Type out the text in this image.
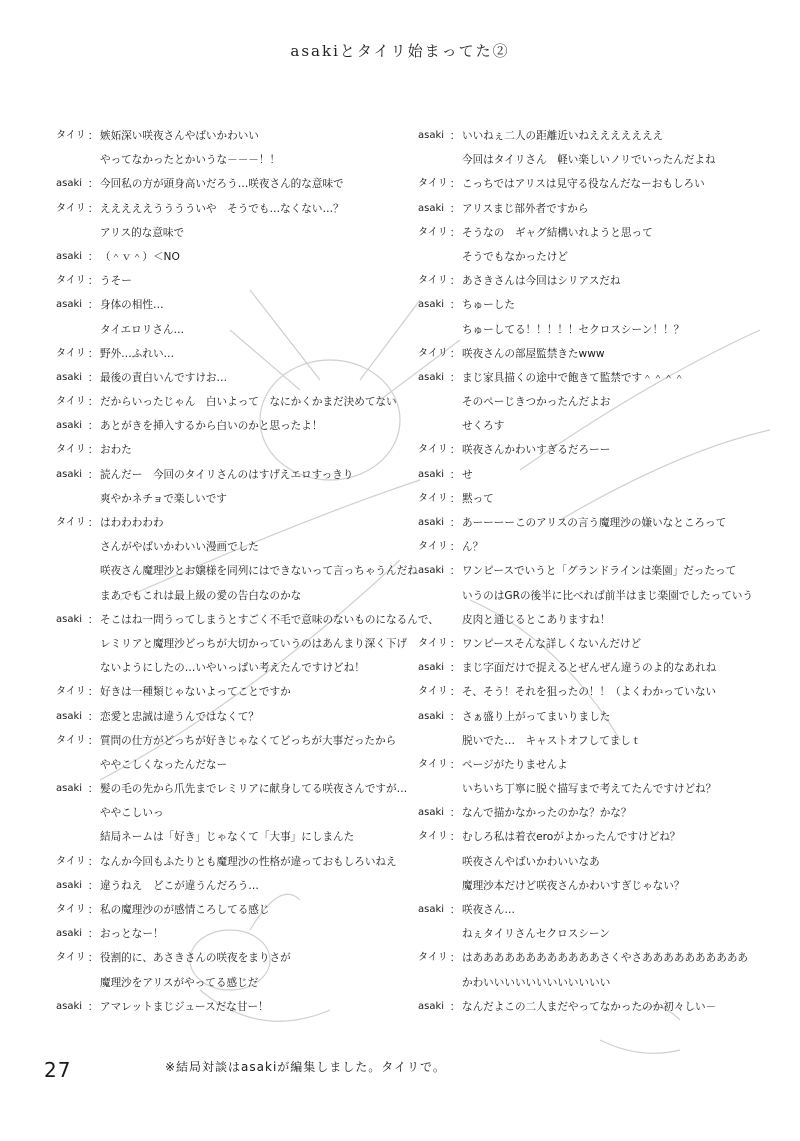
asakiとタイリ始まってた②
タイリ ： 嫉妬深い咲夜さんやばいかわいい
やってなかったとかいうな－－－！！
asaki ： 今回私の方が頭身高いだろう…咲夜さん的な意味で
タイリ ： えええええうううういや　そうでも…なくない…？
アリス的な意味で
asaki ： （＾ｖ＾）＜NO
タイリ ： うそー
asaki ： 身体の相性…
タイエロリさん…
タイリ ： 野外…ふれい…
asaki ： 最後の責白いんですけお…
タイリ ： だからいったじゃん　白いよって　なにかくかまだ決めてない
asaki ： あとがきを挿入するから白いのかと思ったよ！
タイリ ： おわた
asaki ： 読んだー　今回のタイリさんのはすげえエロすっきり
爽やかネチョで楽しいです
タイリ ： はわわわわわ
さんがやばいかわいい漫画でした
咲夜さん魔理沙とお嬢様を同列にはできないって言っちゃうんだね
まあでもこれは最上級の愛の告白なのかな
asaki ： そこはね一問うってしまうとすごく不毛で意味のないものになるんで、
レミリアと魔理沙どっちが大切かっていうのはあんまり深く下げ
ないようにしたの…いやいっぱい考えたんですけどね！
タイリ ： 好きは一種類じゃないよってことですか
asaki ： 恋愛と忠誠は違うんではなくて？
タイリ ： 質問の仕方がどっちが好きじゃなくてどっちが大事だったから
ややこしくなったんだなー
asaki ： 髪の毛の先から爪先までレミリアに献身してる咲夜さんですが…
ややこしいっ
結局ネームは「好き」じゃなくて「大事」にしまんた
タイリ ： なんか今回もふたりとも魔理沙の性格が違っておもしろいねえ
asaki ： 違うねえ　どこが違うんだろう…
タイリ ： 私の魔理沙のが感情ころしてる感じ
asaki ： おっとなー！
タイリ ： 役割的に、あさきさんの咲夜をまりさが
魔理沙をアリスがやってる感じだ
asaki ： アマレットまじジュースだな甘ー！
asaki ： いいねぇ二人の距離近いねえええええええ
今回はタイリさん　軽い楽しいノリでいったんだよね
タイリ ： こっちではアリスは見守る役なんだなーおもしろい
asaki ： アリスまじ部外者ですから
タイリ ： そうなの　ギャグ結構いれようと思って
そうでもなかったけど
タイリ ： あさきさんは今回はシリアスだね
asaki ： ちゅーした
ちゅーしてる！！！！！セクロスシーン！！？
タイリ ： 咲夜さんの部屋監禁きたwww
asaki ： まじ家具描くの途中で飽きて監禁です＾＾＾＾
そのペーじきつかったんだよお
せくろす
タイリ ： 咲夜さんかわいすぎるだろーー
asaki ： せ
タイリ ： 黙って
asaki ： あーーーーこのアリスの言う魔理沙の嫌いなところって
タイリ ： ん？
asaki ： ワンピースでいうと「グランドラインは楽園」だったって
いうのはGRの後半に比べれば前半はまじ楽園でしたっていう
皮肉と通じるとこありますね！
タイリ ： ワンピースそんな詳しくないんだけど
asaki ： まじ字面だけで捉えるとぜんぜん違うのよ的なあれね
タイリ ： そ、そう！それを狙ったの！！（よくわかっていない
asaki ： さぁ盛り上がってまいりました
脱いでた…　キャストオフしてましｔ
タイリ ： ページがたりませんよ
いちいち丁寧に脱ぐ描写まで考えてたんですけどね？
asaki ： なんで描かなかったのかな？かな？
タイリ ： むしろ私は着衣eroがよかったんですけどね？
咲夜さんやばいかわいいなあ
魔理沙本だけど咲夜さんかわいすぎじゃない？
asaki ： 咲夜さん…
ねぇタイリさんセクロスシーン
タイリ ： はああああああああああああさくやさああああああああああ
かわいいいいいいいいいいいい
asaki ： なんだよこの二人まだやってなかったのか初々しい－
27	※結局対談はasakiが編集しました。タイリで。
